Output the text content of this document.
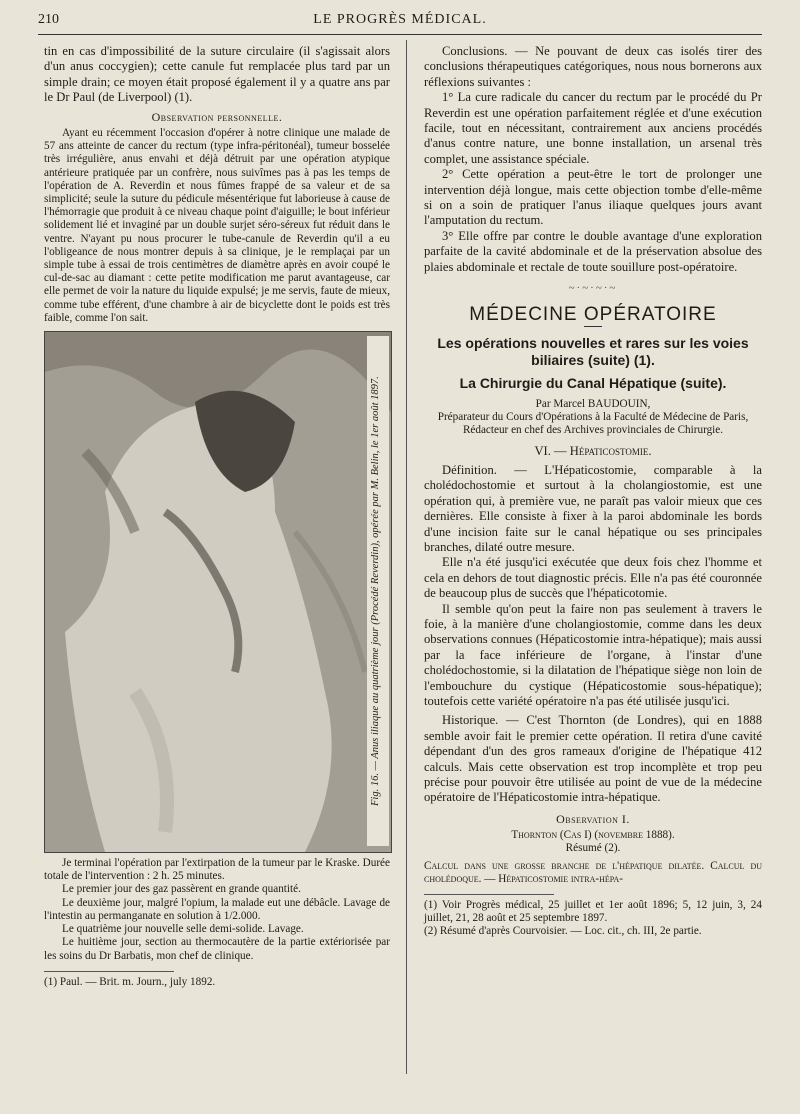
210	LE PROGRÈS MÉDICAL.

tin en cas d'impossibilité de la suture circulaire (il s'agissait alors d'un anus coccygien); cette canule fut remplacée plus tard par un simple drain; ce moyen était proposé également il y a quatre ans par le Dr Paul (de Liverpool) (1).

Observation personnelle.

Ayant eu récemment l'occasion d'opérer à notre clinique une malade de 57 ans atteinte de cancer du rectum (type infra-péritonéal), tumeur bosselée très irrégulière, anus envahi et déjà détruit par une opération atypique antérieure pratiquée par un confrère, nous suivîmes pas à pas les temps de l'opération de A. Reverdin et nous fûmes frappé de sa valeur et de sa simplicité; seule la suture du pédicule mésentérique fut laborieuse à cause de l'hémorragie que produit à ce niveau chaque point d'aiguille; le bout inférieur solidement lié et invaginé par un double surjet séro-séreux fut réduit dans le ventre. N'ayant pu nous procurer le tube-canule de Reverdin qu'il a eu l'obligeance de nous montrer depuis à sa clinique, je le remplaçai par un simple tube à essai de trois centimètres de diamètre après en avoir coupé le cul-de-sac au diamant : cette petite modification me parut avantageuse, car elle permet de voir la nature du liquide expulsé; je me servis, faute de mieux, comme tube efférent, d'une chambre à air de bicyclette dont le poids est très faible, comme l'on sait.

Fig. 16. — Anus iliaque au quatrième jour (Procédé Reverdin), opérée par M. Belin, le 1er août 1897.

Je terminai l'opération par l'extirpation de la tumeur par le Kraske. Durée totale de l'intervention : 2 h. 25 minutes.

Le premier jour des gaz passèrent en grande quantité.

Le deuxième jour, malgré l'opium, la malade eut une débâcle. Lavage de l'intestin au permanganate en solution à 1/2.000.

Le quatrième jour nouvelle selle demi-solide. Lavage.

Le huitième jour, section au thermocautère de la partie extériorisée par les soins du Dr Barbatis, mon chef de clinique.

(1) Paul. — Brit. m. Journ., july 1892.

Conclusions. — Ne pouvant de deux cas isolés tirer des conclusions thérapeutiques catégoriques, nous nous bornerons aux réflexions suivantes :

1° La cure radicale du cancer du rectum par le procédé du Pr Reverdin est une opération parfaitement réglée et d'une exécution facile, tout en nécessitant, contrairement aux anciens procédés d'anus contre nature, une bonne installation, un arsenal très complet, une assistance spéciale.

2° Cette opération a peut-être le tort de prolonger une intervention déjà longue, mais cette objection tombe d'elle-même si on a soin de pratiquer l'anus iliaque quelques jours avant l'amputation du rectum.

3° Elle offre par contre le double avantage d'une exploration parfaite de la cavité abdominale et de la préservation absolue des plaies abdominale et rectale de toute souillure post-opératoire.

~·~·~·~
MÉDECINE OPÉRATOIRE

Les opérations nouvelles et rares sur les voies biliaires (suite) (1).

La Chirurgie du Canal Hépatique (suite).

Par Marcel BAUDOUIN,

Préparateur du Cours d'Opérations à la Faculté de Médecine de Paris, Rédacteur en chef des Archives provinciales de Chirurgie.

VI. — Hépaticostomie.

Définition. — L'Hépaticostomie, comparable à la cholédochostomie et surtout à la cholangiostomie, est une opération qui, à première vue, ne paraît pas valoir mieux que ces dernières. Elle consiste à fixer à la paroi abdominale les bords d'une incision faite sur le canal hépatique ou ses principales branches, dilaté outre mesure.

Elle n'a été jusqu'ici exécutée que deux fois chez l'homme et cela en dehors de tout diagnostic précis. Elle n'a pas été couronnée de beaucoup plus de succès que l'hépaticotomie.

Il semble qu'on peut la faire non pas seulement à travers le foie, à la manière d'une cholangiostomie, comme dans les deux observations connues (Hépaticostomie intra-hépatique); mais aussi par la face inférieure de l'organe, à l'instar d'une cholédochostomie, si la dilatation de l'hépatique siège non loin de l'embouchure du cystique (Hépaticostomie sous-hépatique); toutefois cette variété opératoire n'a pas été utilisée jusqu'ici.

Historique. — C'est Thornton (de Londres), qui en 1888 semble avoir fait le premier cette opération. Il retira d'une cavité dépendant d'un des gros rameaux d'origine de l'hépatique 412 calculs. Mais cette observation est trop incomplète et trop peu précise pour pouvoir être utilisée au point de vue de la médecine opératoire de l'Hépaticostomie intra-hépatique.

Observation I.

Thornton (Cas I) (novembre 1888).

Résumé (2).

Calcul dans une grosse branche de l'hépatique dilatée. Calcul du cholédoque. — Hépaticostomie intra-hépa-

(1) Voir Progrès médical, 25 juillet et 1er août 1896; 5, 12 juin, 3, 24 juillet, 21, 28 août et 25 septembre 1897.

(2) Résumé d'après Courvoisier. — Loc. cit., ch. III, 2e partie.
